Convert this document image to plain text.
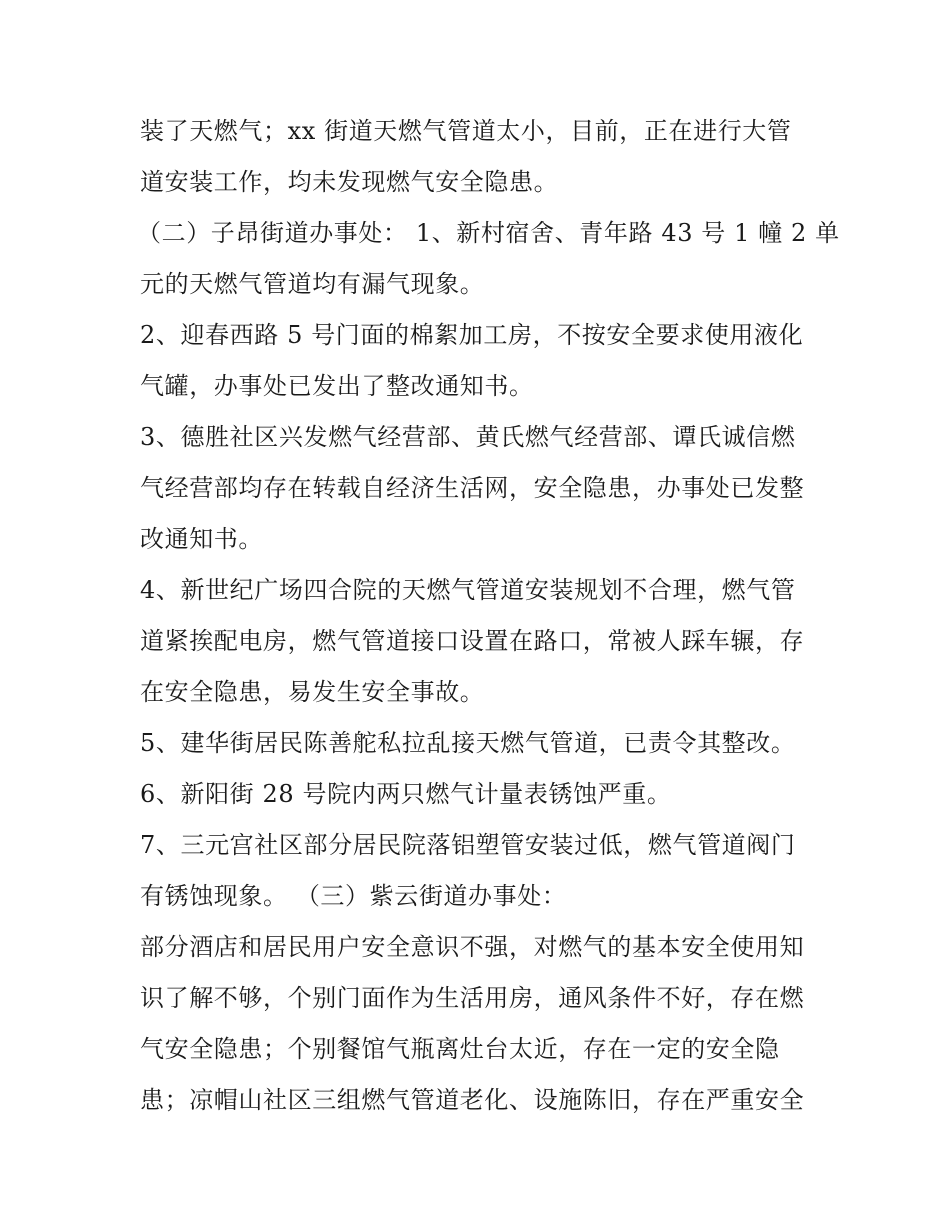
装了天燃气；xx 街道天燃气管道太小，目前，正在进行大管
道安装工作，均未发现燃气安全隐患。
（二）子昂街道办事处： 1、新村宿舍、青年路 43 号 1 幢 2 单
元的天燃气管道均有漏气现象。
2、迎春西路 5 号门面的棉絮加工房，不按安全要求使用液化
气罐，办事处已发出了整改通知书。
3、德胜社区兴发燃气经营部、黄氏燃气经营部、谭氏诚信燃
气经营部均存在转载自经济生活网，安全隐患，办事处已发整
改通知书。
4、新世纪广场四合院的天燃气管道安装规划不合理，燃气管
道紧挨配电房，燃气管道接口设置在路口，常被人踩车辗，存
在安全隐患，易发生安全事故。
5、建华街居民陈善舵私拉乱接天燃气管道，已责令其整改。
6、新阳街 28 号院内两只燃气计量表锈蚀严重。
7、三元宫社区部分居民院落铝塑管安装过低，燃气管道阀门
有锈蚀现象。 （三）紫云街道办事处：
部分酒店和居民用户安全意识不强，对燃气的基本安全使用知
识了解不够，个别门面作为生活用房，通风条件不好，存在燃
气安全隐患；个别餐馆气瓶离灶台太近，存在一定的安全隐
患；凉帽山社区三组燃气管道老化、设施陈旧，存在严重安全
